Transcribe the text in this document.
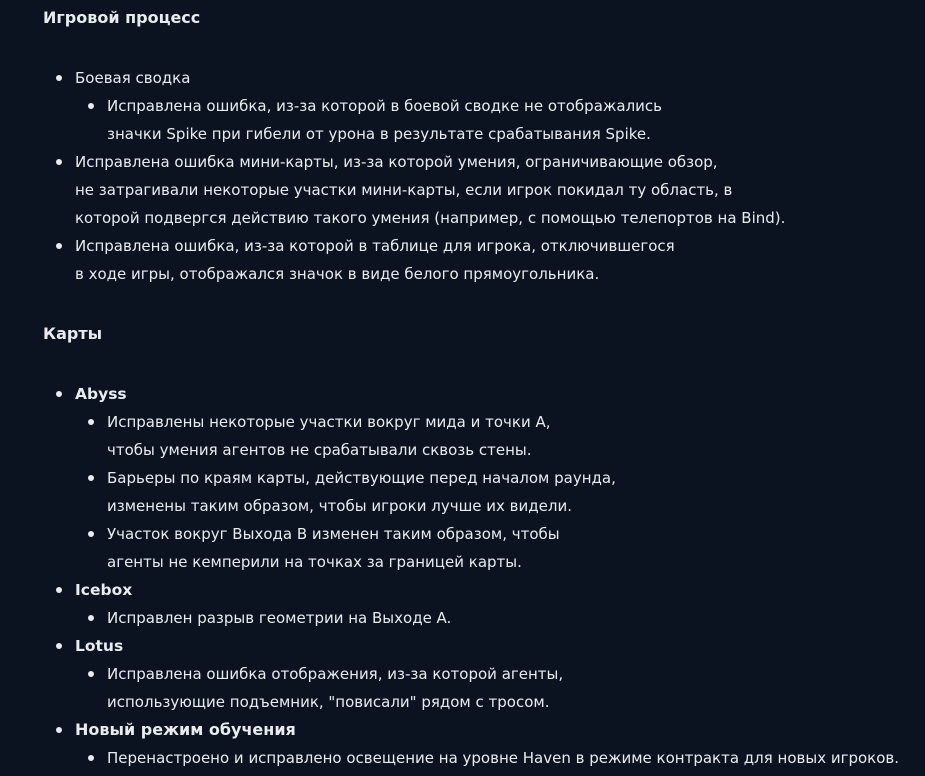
Игровой процесс
Боевая сводка
Исправлена ошибка, из-за которой в боевой сводке не отображались
значки Spike при гибели от урона в результате срабатывания Spike.
Исправлена ошибка мини-карты, из-за которой умения, ограничивающие обзор,
не затрагивали некоторые участки мини-карты, если игрок покидал ту область, в
которой подвергся действию такого умения (например, с помощью телепортов на Bind).
Исправлена ошибка, из-за которой в таблице для игрока, отключившегося
в ходе игры, отображался значок в виде белого прямоугольника.
Карты
Abyss
Исправлены некоторые участки вокруг мида и точки A,
чтобы умения агентов не срабатывали сквозь стены.
Барьеры по краям карты, действующие перед началом раунда,
изменены таким образом, чтобы игроки лучше их видели.
Участок вокруг Выхода B изменен таким образом, чтобы
агенты не кемперили на точках за границей карты.
Icebox
Исправлен разрыв геометрии на Выходе A.
Lotus
Исправлена ошибка отображения, из-за которой агенты,
использующие подъемник, "повисали" рядом с тросом.
Новый режим обучения
Перенастроено и исправлено освещение на уровне Haven в режиме контракта для новых игроков.
